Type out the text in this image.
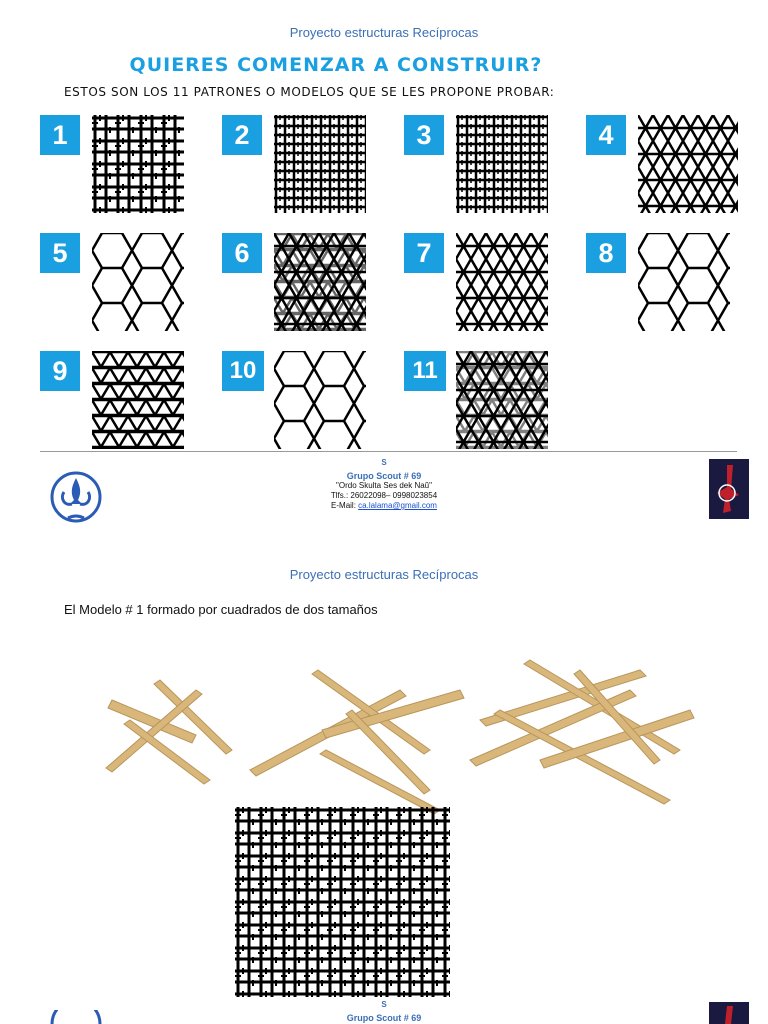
Proyecto estructuras Recíprocas
QUIERES COMENZAR A CONSTRUIR?
ESTOS SON LOS 11 PATRONES O MODELOS QUE SE LES PROPONE PROBAR:
1	2	3	4
5	6	7	8
9	10	11
S
Grupo Scout # 69
"Ordo Skulta Ses dek Naŭ"
Tlfs.: 26022098– 0998023854
E-Mail: ca.lalama@gmail.com
Proyecto estructuras Recíprocas
El Modelo # 1 formado por cuadrados de dos tamaños
S
Grupo Scout # 69
